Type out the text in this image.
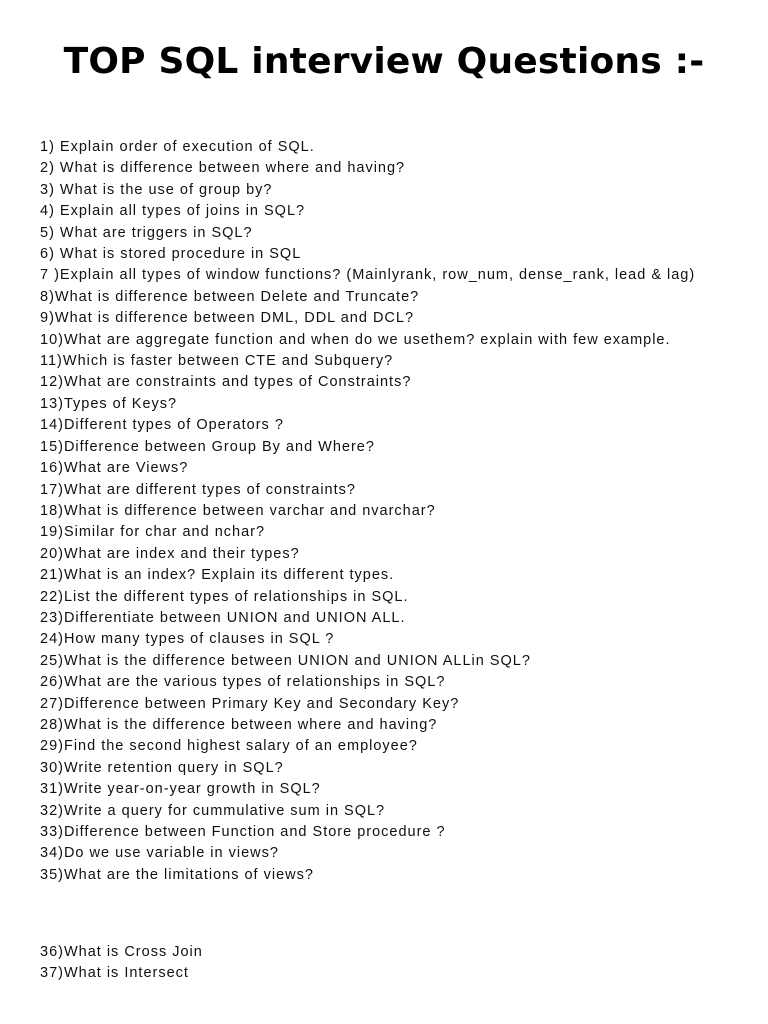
TOP SQL interview Questions :-
1) Explain order of execution of SQL.
2) What is difference between where and having?
3) What is the use of group by?
4) Explain all types of joins in SQL?
5) What are triggers in SQL?
6) What is stored procedure in SQL
7 )Explain all types of window functions? (Mainlyrank, row_num, dense_rank, lead & lag)
8)What is difference between Delete and Truncate?
9)What is difference between DML, DDL and DCL?
10)What are aggregate function and when do we usethem? explain with few example.
11)Which is faster between CTE and Subquery?
12)What are constraints and types of Constraints?
13)Types of Keys?
14)Different types of Operators ?
15)Difference between Group By and Where?
16)What are Views?
17)What are different types of constraints?
18)What is difference between varchar and nvarchar?
19)Similar for char and nchar?
20)What are index and their types?
21)What is an index? Explain its different types.
22)List the different types of relationships in SQL.
23)Differentiate between UNION and UNION ALL.
24)How many types of clauses in SQL ?
25)What is the difference between UNION and UNION ALLin SQL?
26)What are the various types of relationships in SQL?
27)Difference between Primary Key and Secondary Key?
28)What is the difference between where and having?
29)Find the second highest salary of an employee?
30)Write retention query in SQL?
31)Write year-on-year growth in SQL?
32)Write a query for cummulative sum in SQL?
33)Difference between Function and Store procedure ?
34)Do we use variable in views?
35)What are the limitations of views?
36)What is Cross Join
37)What is Intersect
